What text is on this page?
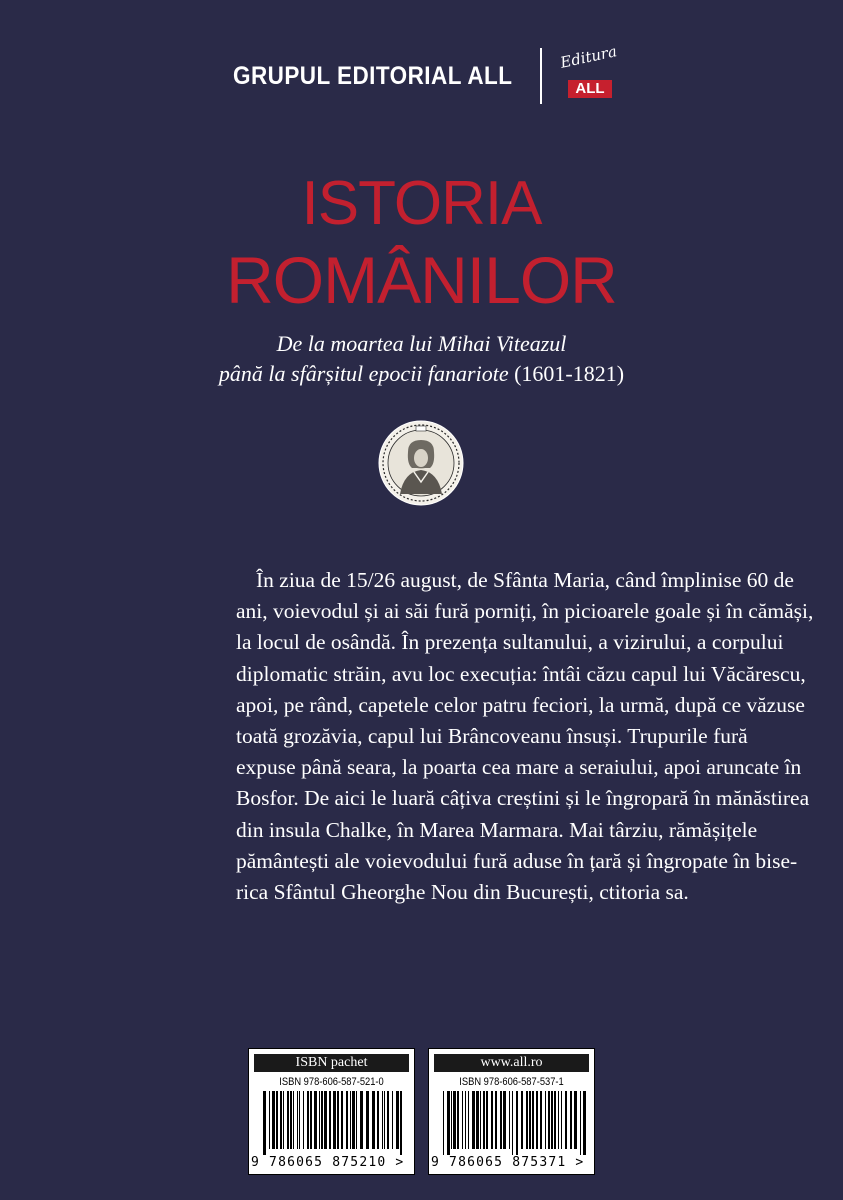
GRUPUL EDITORIAL ALL
Editura
ALL
ISTORIA
ROMÂNILOR
De la moartea lui Mihai Viteazul
până la sfârșitul epocii fanariote (1601-1821)
În ziua de 15/26 august, de Sfânta Maria, când împlinise 60 de
ani, voievodul și ai săi fură porniți, în picioarele goale și în cămăși,
la locul de osândă. În prezența sultanului, a vizirului, a corpului
diplomatic străin, avu loc execuția: întâi căzu capul lui Văcărescu,
apoi, pe rând, capetele celor patru feciori, la urmă, după ce văzuse
toată grozăvia, capul lui Brâncoveanu însuși. Trupurile fură
expuse până seara, la poarta cea mare a seraiului, apoi aruncate în
Bosfor. De aici le luară câțiva creștini și le îngropară în mănăstirea
din insula Chalke, în Marea Marmara. Mai târziu, rămășițele
pământești ale voievodului fură aduse în țară și îngropate în bise-
rica Sfântul Gheorghe Nou din București, ctitoria sa.
ISBN pachet
ISBN 978-606-587-521-0
9 786065 875210 >
www.all.ro
ISBN 978-606-587-537-1
9 786065 875371 >
